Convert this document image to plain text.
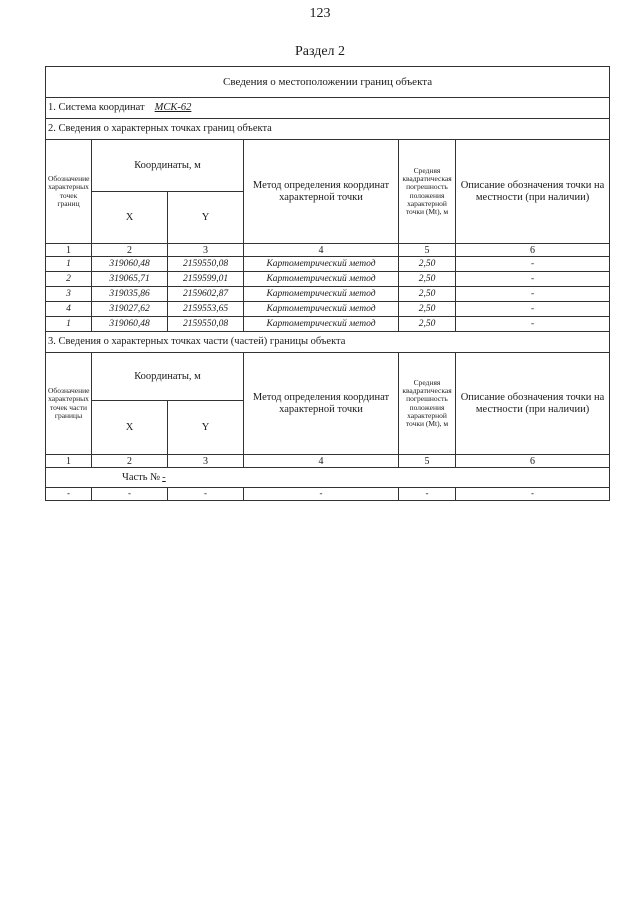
123
Раздел 2
Сведения о местоположении границ объекта					
1. Система координат МСК-62					
2. Сведения о характерных точках границ объекта					
Обозначение характерных точек границ	Координаты, м		Метод определения координат характерной точки	Средняя квадратическая погрешность положения характерной точки (Mt), м	Описание обозначения точки на местности (при наличии)
	X	Y			
1	2	3	4	5	6
1	319060,48	2159550,08	Картометрический метод	2,50	-
2	319065,71	2159599,01	Картометрический метод	2,50	-
3	319035,86	2159602,87	Картометрический метод	2,50	-
4	319027,62	2159553,65	Картометрический метод	2,50	-
1	319060,48	2159550,08	Картометрический метод	2,50	-
3. Сведения о характерных точках части (частей) границы объекта					
Обозначение характерных точек части границы	Координаты, м		Метод определения координат характерной точки	Средняя квадратическая погрешность положения характерной точки (Mt), м	Описание обозначения точки на местности (при наличии)
	X	Y			
1	2	3	4	5	6
Часть № -					
-	-	-	-	-	-
